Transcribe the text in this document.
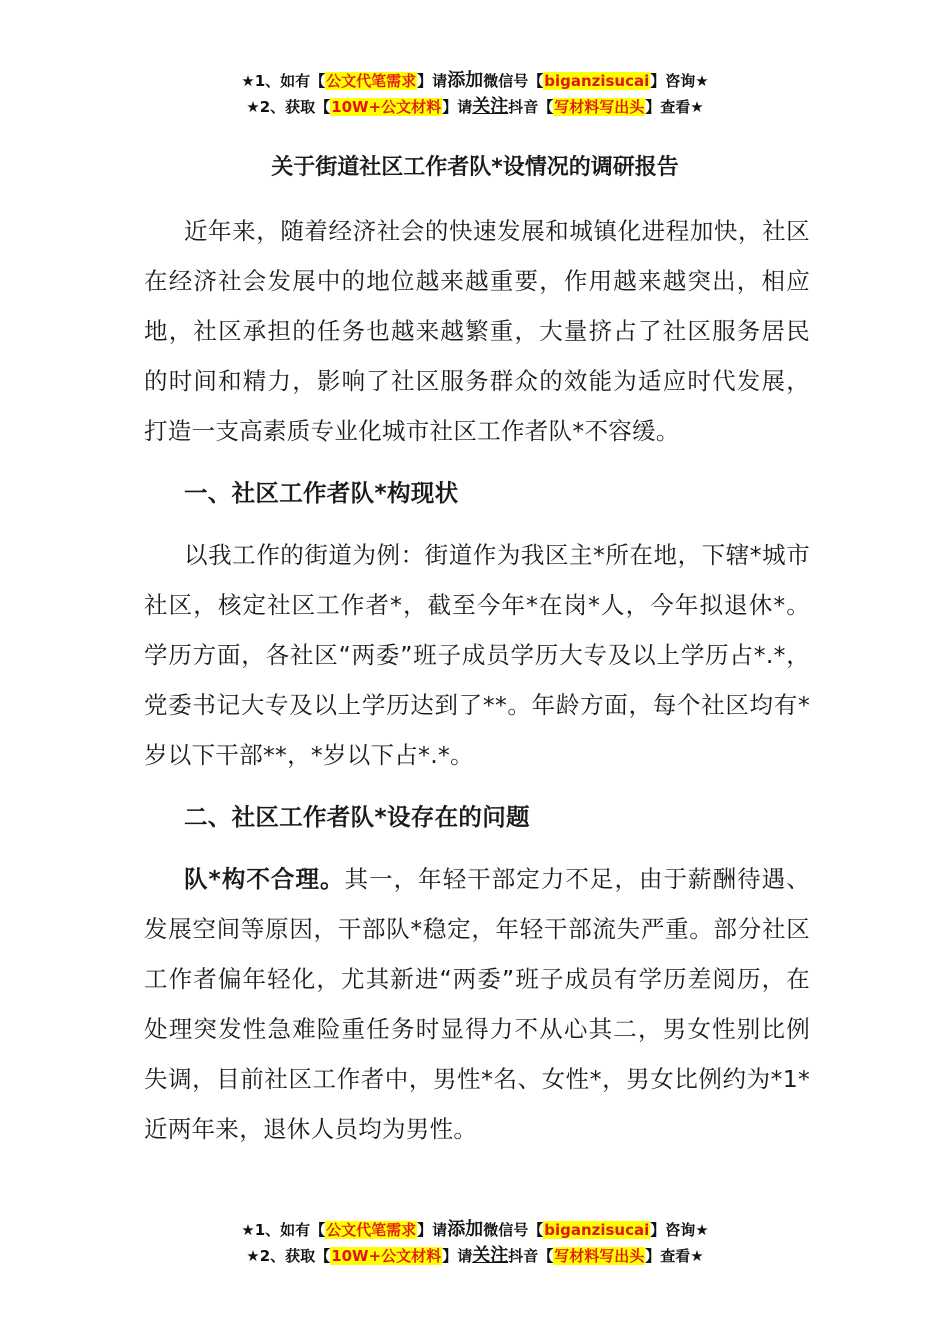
★1、如有【公文代笔需求】请添加微信号【biganzisucai】咨询★
★2、获取【10W+公文材料】请关注抖音【写材料写出头】查看★
关于街道社区工作者队*设情况的调研报告

近年来，随着经济社会的快速发展和城镇化进程加快，社区在经济社会发展中的地位越来越重要，作用越来越突出，相应地，社区承担的任务也越来越繁重，大量挤占了社区服务居民的时间和精力，影响了社区服务群众的效能为适应时代发展，打造一支高素质专业化城市社区工作者队*不容缓。

一、社区工作者队*构现状

以我工作的街道为例：街道作为我区主*所在地，下辖*城市社区，核定社区工作者*，截至今年*在岗*人，今年拟退休*。学历方面，各社区“两委”班子成员学历大专及以上学历占*.*，党委书记大专及以上学历达到了**。年龄方面，每个社区均有*岁以下干部**，*岁以下占*.*。

二、社区工作者队*设存在的问题

队*构不合理。其一，年轻干部定力不足，由于薪酬待遇、发展空间等原因，干部队*稳定，年轻干部流失严重。部分社区工作者偏年轻化，尤其新进“两委”班子成员有学历差阅历，在处理突发性急难险重任务时显得力不从心其二，男女性别比例失调，目前社区工作者中，男性*名、女性*，男女比例约为*1*近两年来，退休人员均为男性。

★1、如有【公文代笔需求】请添加微信号【biganzisucai】咨询★
★2、获取【10W+公文材料】请关注抖音【写材料写出头】查看★
